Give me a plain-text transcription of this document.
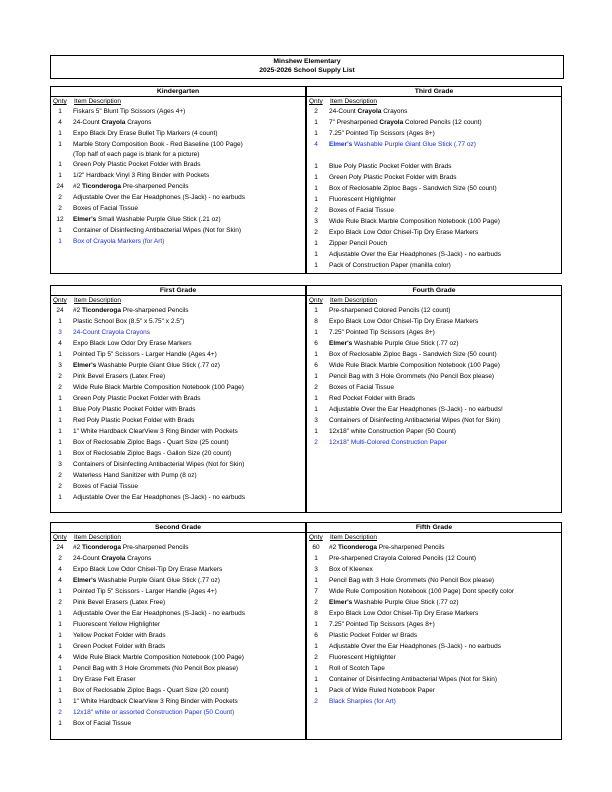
Minshew Elementary
2025-2026 School Supply List
Kindergarten
Qnty Item Description
1	Fiskars 5" Blunt Tip Scissors (Ages 4+)
4	24-Count Crayola Crayons
1	Expo Black Dry Erase Bullet Tip Markers (4 count)
1	Marble Story Composition Book - Red Baseline (100 Page)
(Top half of each page is blank for a picture)
1	Green Poly Plastic Pocket Folder with Brads
1	1/2" Hardback Vinyl 3 Ring Binder with Pockets
24	#2 Ticonderoga Pre-sharpened Pencils
2	Adjustable Over the Ear Headphones (S-Jack) - no earbuds
2	Boxes of Facial Tissue
12	Elmer's Small Washable Purple Glue Stick (.21 oz)
1	Container of Disinfecting Antibacterial Wipes (Not for Skin)
1	Box of Crayola Markers (for Art)
Third Grade
Qnty Item Description
2	24-Count Crayola Crayons
1	7" Presharpened Crayola Colored Pencils (12 count)
1	7.25" Pointed Tip Scissors (Ages 8+)
4	Elmer's Washable Purple Giant Glue Stick (.77 oz)
1	Blue Poly Plastic Pocket Folder with Brads
1	Green Poly Plastic Pocket Folder with Brads
1	Box of Reclosable Ziploc Bags - Sandwich Size (50 count)
1	Fluorescent Highlighter
2	Boxes of Facial Tissue
3	Wide Rule Black Marble Composition Notebook (100 Page)
2	Expo Black Low Odor Chisel-Tip Dry Erase Markers
1	Zipper Pencil Pouch
1	Adjustable Over the Ear Headphones (S-Jack) - no earbuds
1	Pack of Construction Paper (manilla color)
First Grade
Qnty Item Description
24	#2 Ticonderoga Pre-sharpened Pencils
1	Plastic School Box (8.5" x 5.75" x 2.5")
3	24-Count Crayola Crayons
4	Expo Black Low Odor Dry Erase Markers
1	Pointed Tip 5" Scissors - Larger Handle (Ages 4+)
3	Elmer's Washable Purple Giant Glue Stick (.77 oz)
2	Pink Bevel Erasers (Latex Free)
2	Wide Rule Black Marble Composition Notebook (100 Page)
1	Green Poly Plastic Pocket Folder with Brads
1	Blue Poly Plastic Pocket Folder with Brads
1	Red Poly Plastic Pocket Folder with Brads
1	1" White Hardback ClearView 3 Ring Binder with Pockets
1	Box of Reclosable Ziploc Bags - Quart Size (25 count)
1	Box of Reclosable Ziploc Bags - Gallon Size (20 count)
3	Containers of Disinfecting Antibacterial Wipes (Not for Skin)
2	Waterless Hand Sanitizer with Pump (8 oz)
2	Boxes of Facial Tissue
1	Adjustable Over the Ear Headphones (S-Jack) - no earbuds
Fourth Grade
Qnty Item Description
1	Pre-sharpened Colored Pencils (12 count)
8	Expo Black Low Odor Chisel-Tip Dry Erase Markers
1	7.25" Pointed Tip Scissors (Ages 8+)
6	Elmer's Washable Purple Glue Stick (.77 oz)
1	Box of Reclosable Ziploc Bags - Sandwich Size (50 count)
6	Wide Rule Black Marble Composition Notebook (100 Page)
1	Pencil Bag with 3 Hole Grommets (No Pencil Box please)
2	Boxes of Facial Tissue
1	Red Pocket Folder with Brads
1	Adjustable Over the Ear Headphones (S-Jack) - no earbuds!
3	Containers of Disinfecting Antibacterial Wipes (Not for Skin)
1	12x18" white Construction Paper (50 Count)
2	12x18" Multi-Colored Construction Paper
Second Grade
Qnty Item Description
24	#2 Ticonderoga Pre-sharpened Pencils
2	24-Count Crayola Crayons
4	Expo Black Low Odor Chisel-Tip Dry Erase Markers
4	Elmer's Washable Purple Giant Glue Stick (.77 oz)
1	Pointed Tip 5" Scissors - Larger Handle (Ages 4+)
2	Pink Bevel Erasers (Latex Free)
1	Adjustable Over the Ear Headphones (S-Jack) - no earbuds
1	Fluorescent Yellow Highlighter
1	Yellow Pocket Folder with Brads
1	Green Pocket Folder with Brads
4	Wide Rule Black Marble Composition Notebook (100 Page)
1	Pencil Bag with 3 Hole Grommets (No Pencil Box please)
1	Dry Erase Felt Eraser
1	Box of Reclosable Ziploc Bags - Quart Size (20 count)
1	1" White Hardback ClearView 3 Ring Binder with Pockets
2	12x18" white or assorted Construction Paper (50 Count)
1	Box of Facial Tissue
Fifth Grade
Qnty Item Description
60	#2 Ticonderoga Pre-sharpened Pencils
1	Pre-sharpened Crayola Colored Pencils (12 Count)
3	Box of Kleenex
1	Pencil Bag with 3 Hole Grommets (No Pencil Box please)
7	Wide Rule Composition Notebook (100 Page) Dont specify color
2	Elmer's Washable Purple Glue Stick (.77 oz)
8	Expo Black Low Odor Chisel-Tip Dry Erase Markers
1	7.25" Pointed Tip Scissors (Ages 8+)
6	Plastic Pocket Folder w/ Brads
1	Adjustable Over the Ear Headphones (S-Jack) - no earbuds
2	Fluorescent Highlighter
1	Roll of Scotch Tape
1	Container of Disinfecting Antibacterial Wipes (Not for Skin)
1	Pack of Wide Ruled Notebook Paper
2	Black Sharpies (for Art)
